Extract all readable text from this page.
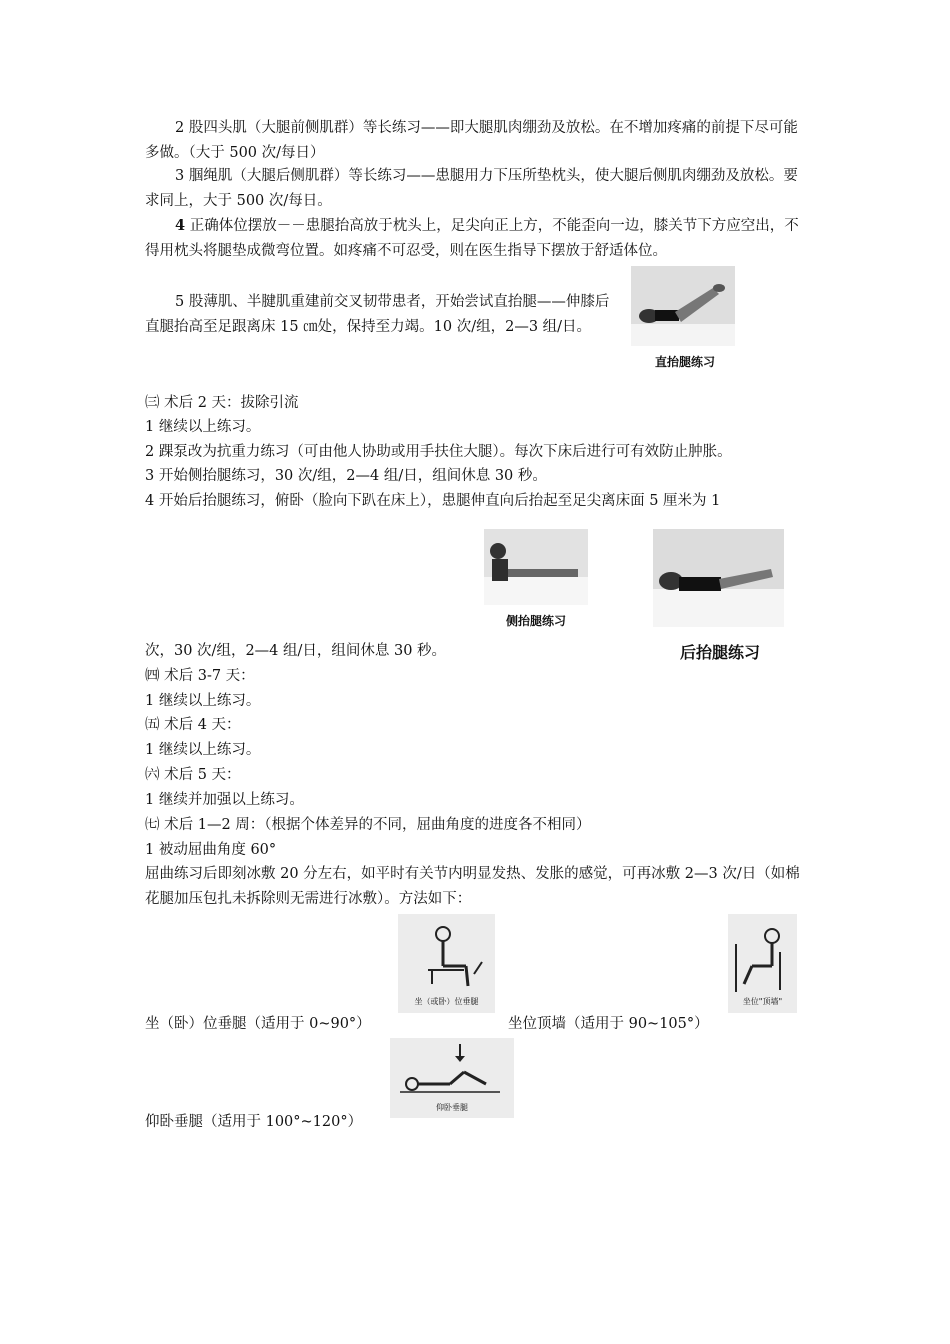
2 股四头肌（大腿前侧肌群）等长练习——即大腿肌肉绷劲及放松。在不增加疼痛的前提下尽可能多做。（大于 500 次/每日）
3 腘绳肌（大腿后侧肌群）等长练习——患腿用力下压所垫枕头，使大腿后侧肌肉绷劲及放松。要求同上，大于 500 次/每日。
4 正确体位摆放－－患腿抬高放于枕头上，足尖向正上方，不能歪向一边，膝关节下方应空出，不得用枕头将腿垫成微弯位置。如疼痛不可忍受，则在医生指导下摆放于舒适体位。
5 股薄肌、半腱肌重建前交叉韧带患者，开始尝试直抬腿——伸膝后直腿抬高至足跟离床 15 ㎝处，保持至力竭。10 次/组，2—3 组/日。
直抬腿练习
㈢ 术后 2 天：拔除引流
1 继续以上练习。
2 踝泵改为抗重力练习（可由他人协助或用手扶住大腿）。每次下床后进行可有效防止肿胀。
3 开始侧抬腿练习，30 次/组，2—4 组/日，组间休息 30 秒。
4 开始后抬腿练习，俯卧（脸向下趴在床上），患腿伸直向后抬起至足尖离床面 5 厘米为 1
侧抬腿练习
后抬腿练习
次，30 次/组，2—4 组/日，组间休息 30 秒。
㈣ 术后 3-7 天：
1 继续以上练习。
㈤ 术后 4 天：
1 继续以上练习。
㈥ 术后 5 天：
1 继续并加强以上练习。
㈦ 术后 1—2 周：（根据个体差异的不同，屈曲角度的进度各不相同）
1 被动屈曲角度 60°
屈曲练习后即刻冰敷 20 分左右，如平时有关节内明显发热、发胀的感觉，可再冰敷 2—3 次/日（如棉花腿加压包扎未拆除则无需进行冰敷）。方法如下：
坐（或卧）位垂腿
坐（卧）位垂腿（适用于 0~90°）
坐位"顶墙"
坐位顶墙（适用于 90~105°）
仰卧垂腿
仰卧垂腿（适用于 100°~120°）
